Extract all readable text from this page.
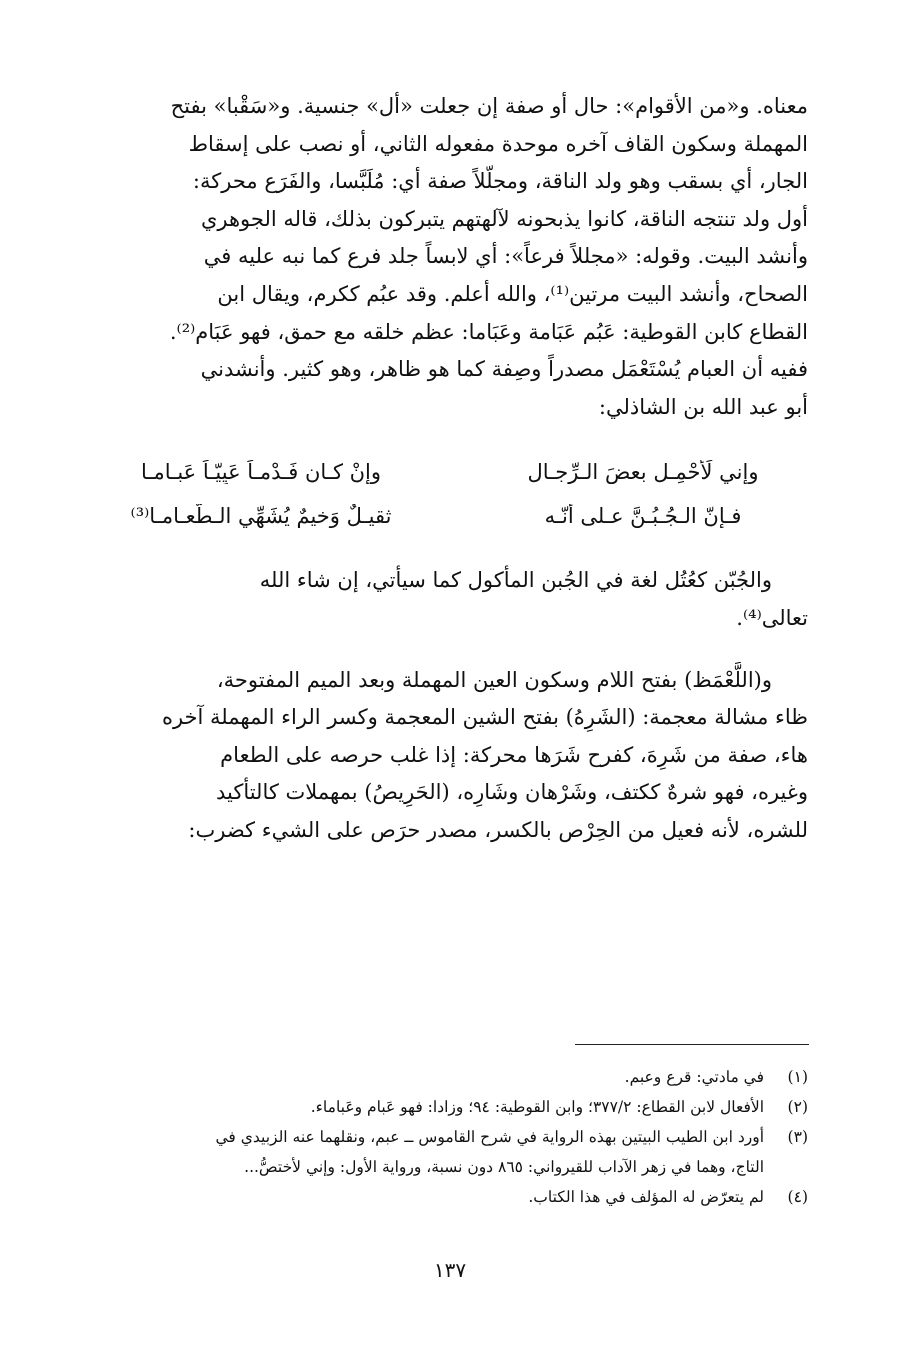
معناه. و«من الأقوام»: حال أو صفة إن جعلت «أل» جنسية. و«سَقْبا» بفتح
المهملة وسكون القاف آخره موحدة مفعوله الثاني، أو نصب على إسقاط
الجار، أي بسقب وهو ولد الناقة، ومجلّلاً صفة أي: مُلَبَّسا، والفَرَع محركة:
أول ولد تنتجه الناقة، كانوا يذبحونه لآلهتهم يتبركون بذلك، قاله الجوهري
وأنشد البيت. وقوله: «مجللاً فرعاً»: أي لابساً جلد فرع كما نبه عليه في
الصحاح، وأنشد البيت مرتين⁽¹⁾، والله أعلم. وقد عبُم ككرم، ويقال ابن
القطاع كابن القوطية: عَبُم عَبَامة وعَبَاما: عظم خلقه مع حمق، فهو عَبَام⁽²⁾.
ففيه أن العبام يُسْتَعْمَل مصدراً وصِفة كما هو ظاهر، وهو كثير. وأنشدني
أبو عبد الله بن الشاذلي:
وإني لَأَحْمِـل بعضَ الـرِّجـالِ
وإنْ كـان فَـدْمـاً عَيِيّـاً عَبـامـا
فـإنّ الـجُـبُـنَّ عـلى أنّـه
ثقيـلٌ وَخيمٌ يُشَهِّي الـطَّعـامـا⁽³⁾
والجُبّن كعُتُل لغة في الجُبن المأكول كما سيأتي، إن شاء الله
تعالى⁽⁴⁾.
و(اللَّعْمَظ) بفتح اللام وسكون العين المهملة وبعد الميم المفتوحة،
ظاء مشالة معجمة: (الشَرِهُ) بفتح الشين المعجمة وكسر الراء المهملة آخره
هاء، صفة من شَرِهَ، كفرح شَرَها محركة: إذا غلب حرصه على الطعام
وغيره، فهو شرهٌ ككتف، وشَرْهان وشَارِه، (الحَرِيصُ) بمهملات كالتأكيد
للشره، لأنه فعيل من الحِرْص بالكسر، مصدر حرَص على الشيء كضرب:
(١)
في مادتي: قرع وعبم.
(٢)
الأفعال لابن القطاع: ٣٧٧/٢؛ وابن القوطية: ٩٤؛ وزادا: فهو عَبام وعَباماء.
(٣)
أورد ابن الطيب البيتين بهذه الرواية في شرح القاموس ــ عبم، ونقلهما عنه الزبيدي في
التاج، وهما في زهر الآداب للقيرواني: ٨٦٥ دون نسبة، ورواية الأول: وإني لأختصُّ...
(٤)
لم يتعرّض له المؤلف في هذا الكتاب.
١٣٧
